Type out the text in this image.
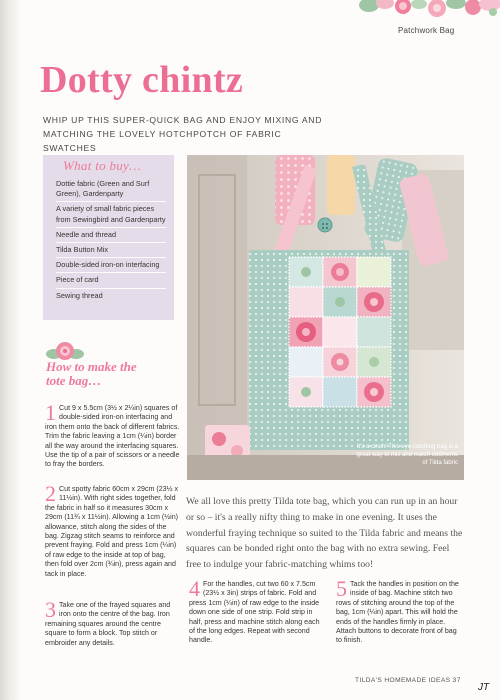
Patchwork Bag
Dotty chintz

WHIP UP THIS SUPER-QUICK BAG AND ENJOY MIXING AND MATCHING THE LOVELY HOTCHPOTCH OF FABRIC SWATCHES

What to buy…
Dottie fabric (Green and Surf Green), Gardenparty
A variety of small fabric pieces from Sewingbird and Gardenparty
Needle and thread
Tilda Button Mix
Double-sided iron-on interfacing
Piece of card
Sewing thread
How to make the tote bag…

1 Cut 9 x 5.5cm (3½ x 2¼in) squares of double-sided iron-on interfacing and iron them onto the back of different fabrics. Trim the fabric leaving a 1cm (¼in) border all the way around the interfacing squares. Use the tip of a pair of scissors or a needle to fray the borders.

2 Cut spotty fabric 60cm x 29cm (23½ x 11½in). With right sides together, fold the fabric in half so it measures 30cm x 29cm (11¾ x 11½in). Allowing a 1cm (½in) allowance, stitch along the sides of the bag. Zigzag stitch seams to reinforce and prevent fraying. Fold and press 1cm (¼in) of raw edge to the inside at top of bag, then fold over 2cm (¾in), press again and tack in place.

3 Take one of the frayed squares and iron onto the centre of the bag. Iron remaining squares around the centre square to form a block. Top stitch or embroider any details.

4 For the handles, cut two 60 x 7.5cm (23½ x 3in) strips of fabric. Fold and press 1cm (¼in) of raw edge to the inside down one side of one strip. Fold strip in half, press and machine stitch along each of the long edges. Repeat with second handle.

5 Tack the handles in position on the inside of bag. Machine stitch two rows of stitching around the top of the bag, 1cm (¼in) apart. This will hold the ends of the handles firmly in place. Attach buttons to decorate front of bag to finish.

It's a cinch! This eye-catching bag is a great way to mix and match oddments of Tilda fabric

We all love this pretty Tilda tote bag, which you can run up in an hour or so – it's a really nifty thing to make in one evening. It uses the wonderful fraying technique so suited to the Tilda fabric and means the squares can be bonded right onto the bag with no extra sewing. Feel free to indulge your fabric-matching whims too!

TILDA'S HOMEMADE IDEAS 37

JT
